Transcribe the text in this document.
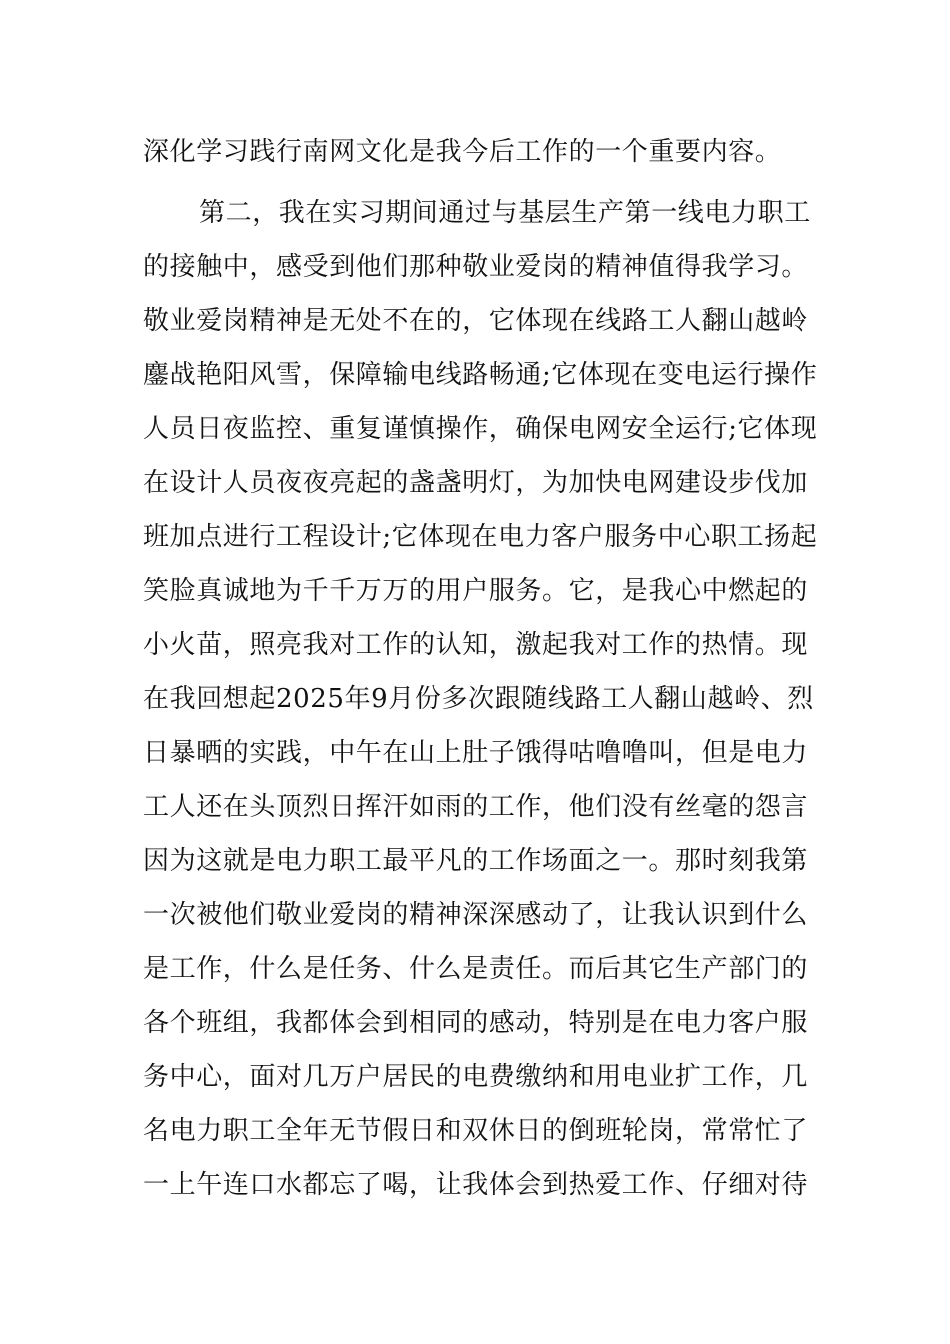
深化学习践行南网文化是我今后工作的一个重要内容。
第二，我在实习期间通过与基层生产第一线电力职工
的接触中，感受到他们那种敬业爱岗的精神值得我学习。
敬业爱岗精神是无处不在的，它体现在线路工人翻山越岭
鏖战艳阳风雪，保障输电线路畅通;它体现在变电运行操作
人员日夜监控、重复谨慎操作，确保电网安全运行;它体现
在设计人员夜夜亮起的盏盏明灯，为加快电网建设步伐加
班加点进行工程设计;它体现在电力客户服务中心职工扬起
笑脸真诚地为千千万万的用户服务。它，是我心中燃起的
小火苗，照亮我对工作的认知，激起我对工作的热情。现
在我回想起2025年9月份多次跟随线路工人翻山越岭、烈
日暴晒的实践，中午在山上肚子饿得咕噜噜叫，但是电力
工人还在头顶烈日挥汗如雨的工作，他们没有丝毫的怨言
因为这就是电力职工最平凡的工作场面之一。那时刻我第
一次被他们敬业爱岗的精神深深感动了，让我认识到什么
是工作，什么是任务、什么是责任。而后其它生产部门的
各个班组，我都体会到相同的感动，特别是在电力客户服
务中心，面对几万户居民的电费缴纳和用电业扩工作，几
名电力职工全年无节假日和双休日的倒班轮岗，常常忙了
一上午连口水都忘了喝，让我体会到热爱工作、仔细对待
